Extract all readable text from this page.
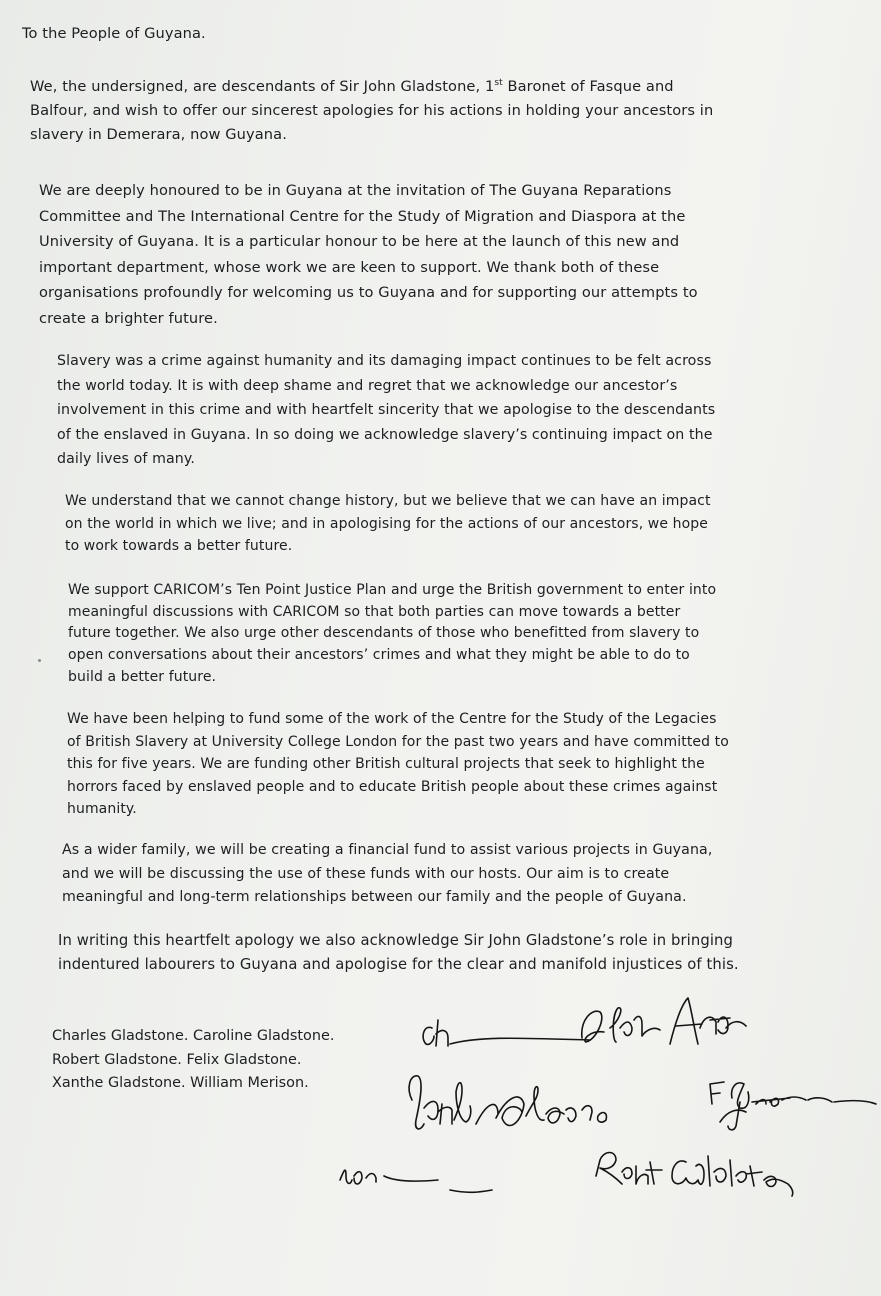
To the People of Guyana.

We, the undersigned, are descendants of Sir John Gladstone, 1st Baronet of Fasque and
Balfour, and wish to offer our sincerest apologies for his actions in holding your ancestors in
slavery in Demerara, now Guyana.

We are deeply honoured to be in Guyana at the invitation of The Guyana Reparations
Committee and The International Centre for the Study of Migration and Diaspora at the
University of Guyana. It is a particular honour to be here at the launch of this new and
important department, whose work we are keen to support. We thank both of these
organisations profoundly for welcoming us to Guyana and for supporting our attempts to
create a brighter future.

Slavery was a crime against humanity and its damaging impact continues to be felt across
the world today. It is with deep shame and regret that we acknowledge our ancestor’s
involvement in this crime and with heartfelt sincerity that we apologise to the descendants
of the enslaved in Guyana. In so doing we acknowledge slavery’s continuing impact on the
daily lives of many.

We understand that we cannot change history, but we believe that we can have an impact
on the world in which we live; and in apologising for the actions of our ancestors, we hope
to work towards a better future.

We support CARICOM’s Ten Point Justice Plan and urge the British government to enter into
meaningful discussions with CARICOM so that both parties can move towards a better
future together. We also urge other descendants of those who benefitted from slavery to
open conversations about their ancestors’ crimes and what they might be able to do to
build a better future.

We have been helping to fund some of the work of the Centre for the Study of the Legacies
of British Slavery at University College London for the past two years and have committed to
this for five years. We are funding other British cultural projects that seek to highlight the
horrors faced by enslaved people and to educate British people about these crimes against
humanity.

As a wider family, we will be creating a financial fund to assist various projects in Guyana,
and we will be discussing the use of these funds with our hosts. Our aim is to create
meaningful and long-term relationships between our family and the people of Guyana.

In writing this heartfelt apology we also acknowledge Sir John Gladstone’s role in bringing
indentured labourers to Guyana and apologise for the clear and manifold injustices of this.

Charles Gladstone. Caroline Gladstone.
Robert Gladstone. Felix Gladstone.
Xanthe Gladstone. William Merison.
